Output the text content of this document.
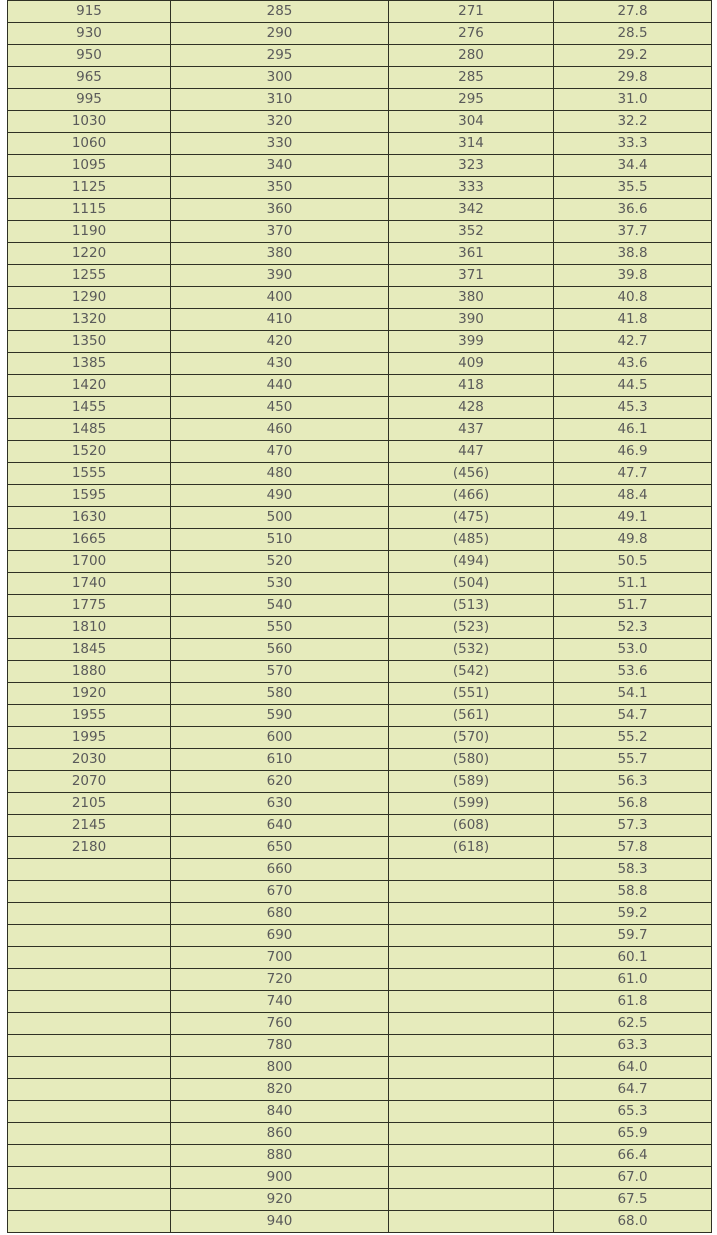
915	285	271	27.8
930	290	276	28.5
950	295	280	29.2
965	300	285	29.8
995	310	295	31.0
1030	320	304	32.2
1060	330	314	33.3
1095	340	323	34.4
1125	350	333	35.5
1115	360	342	36.6
1190	370	352	37.7
1220	380	361	38.8
1255	390	371	39.8
1290	400	380	40.8
1320	410	390	41.8
1350	420	399	42.7
1385	430	409	43.6
1420	440	418	44.5
1455	450	428	45.3
1485	460	437	46.1
1520	470	447	46.9
1555	480	(456)	47.7
1595	490	(466)	48.4
1630	500	(475)	49.1
1665	510	(485)	49.8
1700	520	(494)	50.5
1740	530	(504)	51.1
1775	540	(513)	51.7
1810	550	(523)	52.3
1845	560	(532)	53.0
1880	570	(542)	53.6
1920	580	(551)	54.1
1955	590	(561)	54.7
1995	600	(570)	55.2
2030	610	(580)	55.7
2070	620	(589)	56.3
2105	630	(599)	56.8
2145	640	(608)	57.3
2180	650	(618)	57.8
	660		58.3
	670		58.8
	680		59.2
	690		59.7
	700		60.1
	720		61.0
	740		61.8
	760		62.5
	780		63.3
	800		64.0
	820		64.7
	840		65.3
	860		65.9
	880		66.4
	900		67.0
	920		67.5
	940		68.0
